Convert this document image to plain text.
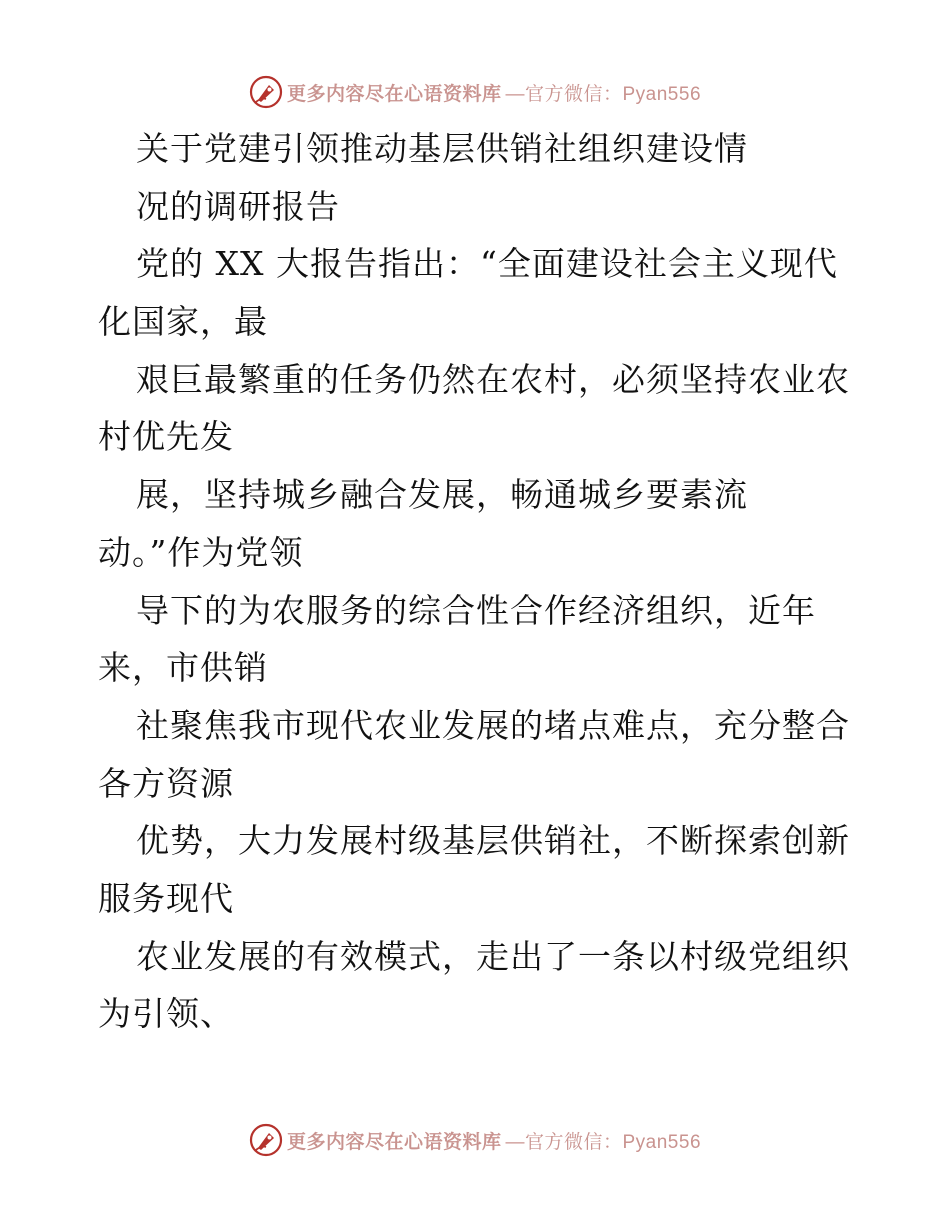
更多内容尽在心语资料库 —官方微信：Pyan556
关于党建引领推动基层供销社组织建设情
况的调研报告
党的 XX 大报告指出：“全面建设社会主义现代
化国家，最
艰巨最繁重的任务仍然在农村，必须坚持农业农
村优先发
展，坚持城乡融合发展，畅通城乡要素流
动。”作为党领
导下的为农服务的综合性合作经济组织，近年
来，市供销
社聚焦我市现代农业发展的堵点难点，充分整合
各方资源
优势，大力发展村级基层供销社，不断探索创新
服务现代
农业发展的有效模式，走出了一条以村级党组织
为引领、
更多内容尽在心语资料库 —官方微信：Pyan556
